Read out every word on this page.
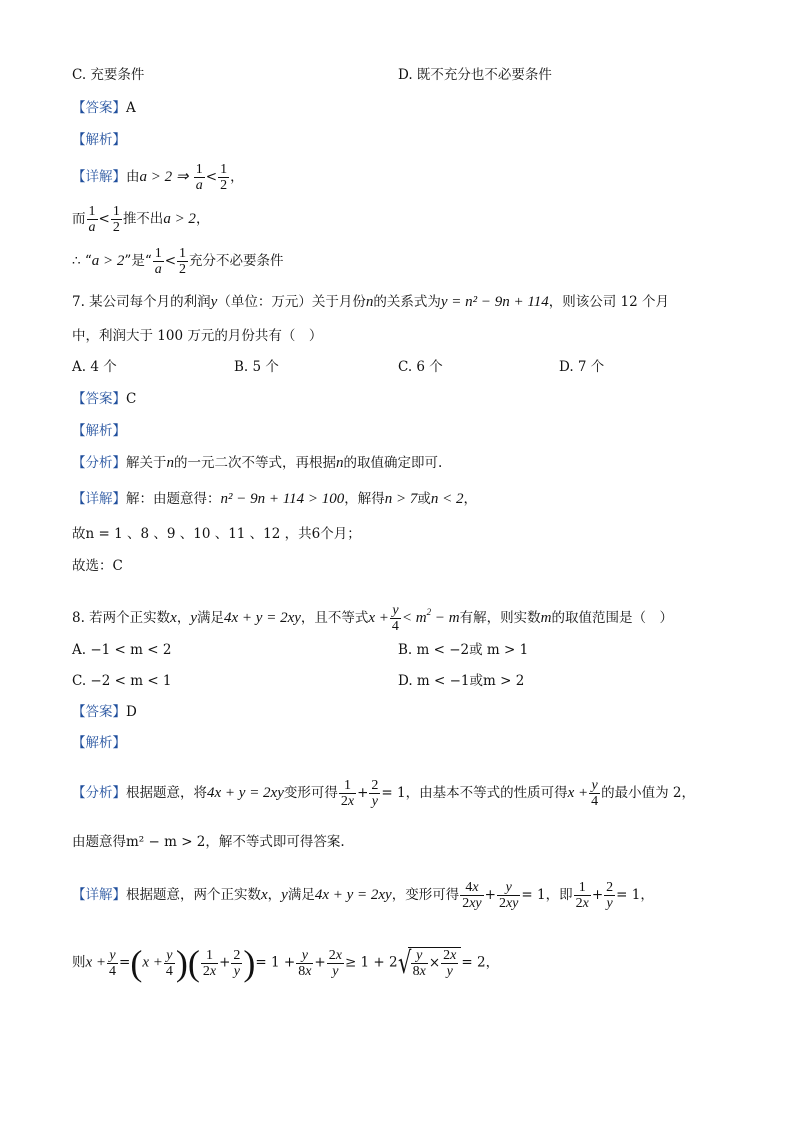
C. 充要条件	D. 既不充分也不必要条件
【答案】A
【解析】
【详解】由a > 2 ⇒ $\frac{1}{a} < \frac{1}{2}$ ，
而 $\frac{1}{a} < \frac{1}{2}$ 推不出a > 2，
∴ “a > 2”是“ $\frac{1}{a} < \frac{1}{2}$ 充分不必要条件
7. 某公司每个月的利润y（单位：万元）关于月份n的关系式为y = n² − 9n + 114，则该公司 12 个月
中，利润大于 100 万元的月份共有（　）
A. 4 个	B. 5 个	C. 6 个	D. 7 个
【答案】C
【解析】
【分析】解关于n的一元二次不等式，再根据n的取值确定即可.
【详解】解：由题意得：n² − 9n + 114 > 100，解得n > 7或n < 2，
故n = 1 、8 、9 、10 、11 、12 ，共6个月；
故选：C
8. 若两个正实数x，y满足4x + y = 2xy，且不等式$x + \frac{y}{4} < m^2 - m$有解，则实数m的取值范围是（　）
A. −1 < m < 2	B. m < −2或 m > 1
C. −2 < m < 1	D. m < −1或m > 2
【答案】D
【解析】
【分析】根据题意，将4x + y = 2xy变形可得 $\frac{1}{2x} + \frac{2}{y} = 1$，由基本不等式的性质可得$x + \frac{y}{4}$ 的最小值为 2，
由题意得m² − m > 2，解不等式即可得答案.
【详解】根据题意，两个正实数x，y满足4x + y = 2xy，变形可得 $\frac{4x}{2xy} + \frac{y}{2xy} = 1$，即 $\frac{1}{2x} + \frac{2}{y} = 1$，
则$x + \frac{y}{4} =(x + \frac{y}{4}$ )( $\frac{1}{2x} + \frac{2}{y}$ )= $1 + \frac{y}{8x} + \frac{2x}{y} \ge 1 + 2$ √ $\frac{y}{8x} \times \frac{2x}{y} = 2$，
